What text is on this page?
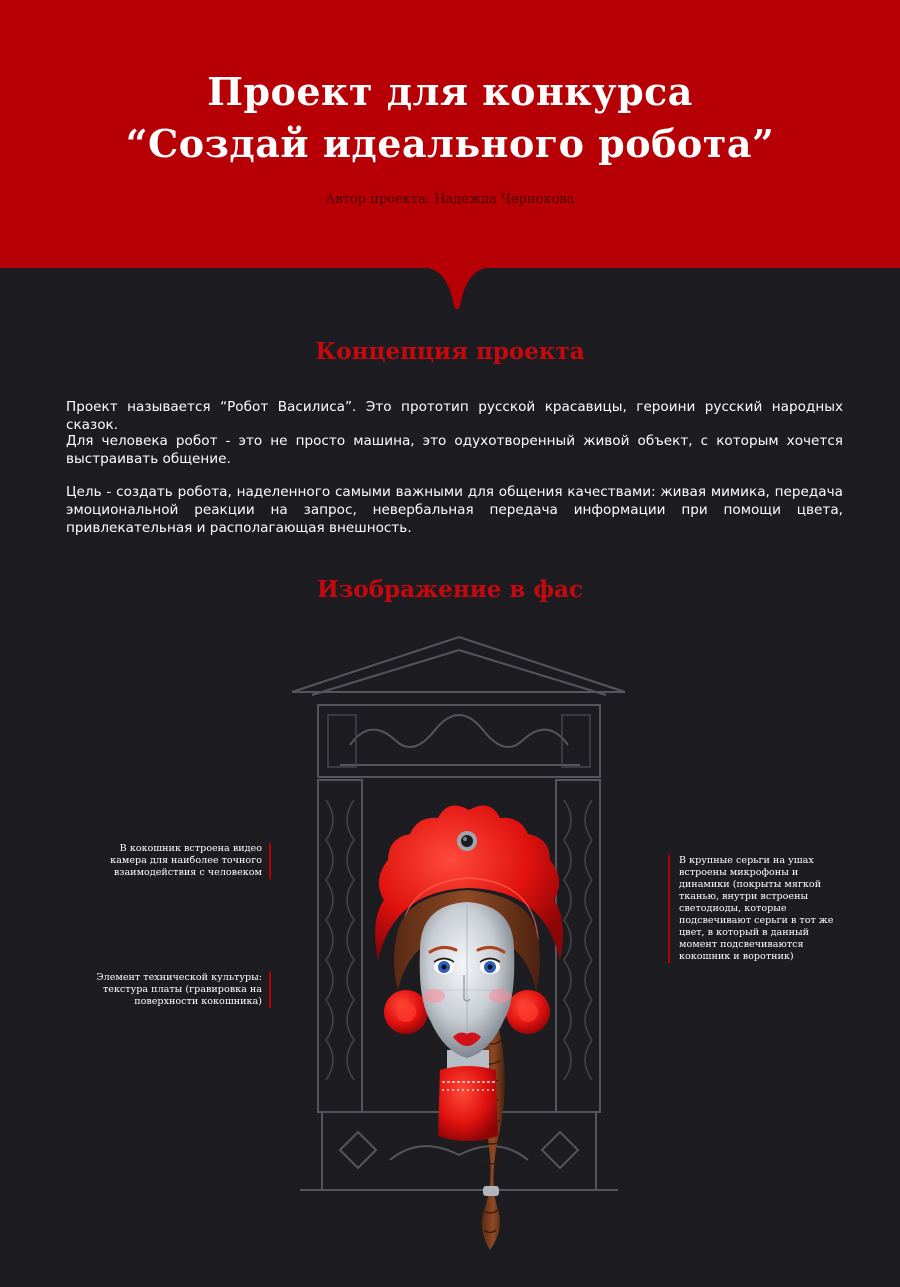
Проект для конкурса
“Создай идеального робота”
Автор проекта: Надежда Чернокова
Концепция проекта

Проект называется “Робот Василиса”. Это прототип русской красавицы, героини русский народных сказок.

Для человека робот - это не просто машина, это одухотворенный живой объект, с которым хочется выстраивать общение.

Цель - создать робота, наделенного самыми важными для общения качествами: живая мимика, передача эмоциональной реакции на запрос, невербальная передача информации при помощи цвета, привлекательная и располагающая внешность.

Изображение в фас

В кокошник встроена видео камера для наиболее точного взаимодействия с человеком

Элемент технической культуры: текстура платы (гравировка на поверхности кокошника)

В крупные серьги на ушах встроены микрофоны и динамики (покрыты мягкой тканью, внутри встроены светодиоды, которые подсвечивают серьги в тот же цвет, в который в данный момент подсвечиваются кокошник и воротник)
